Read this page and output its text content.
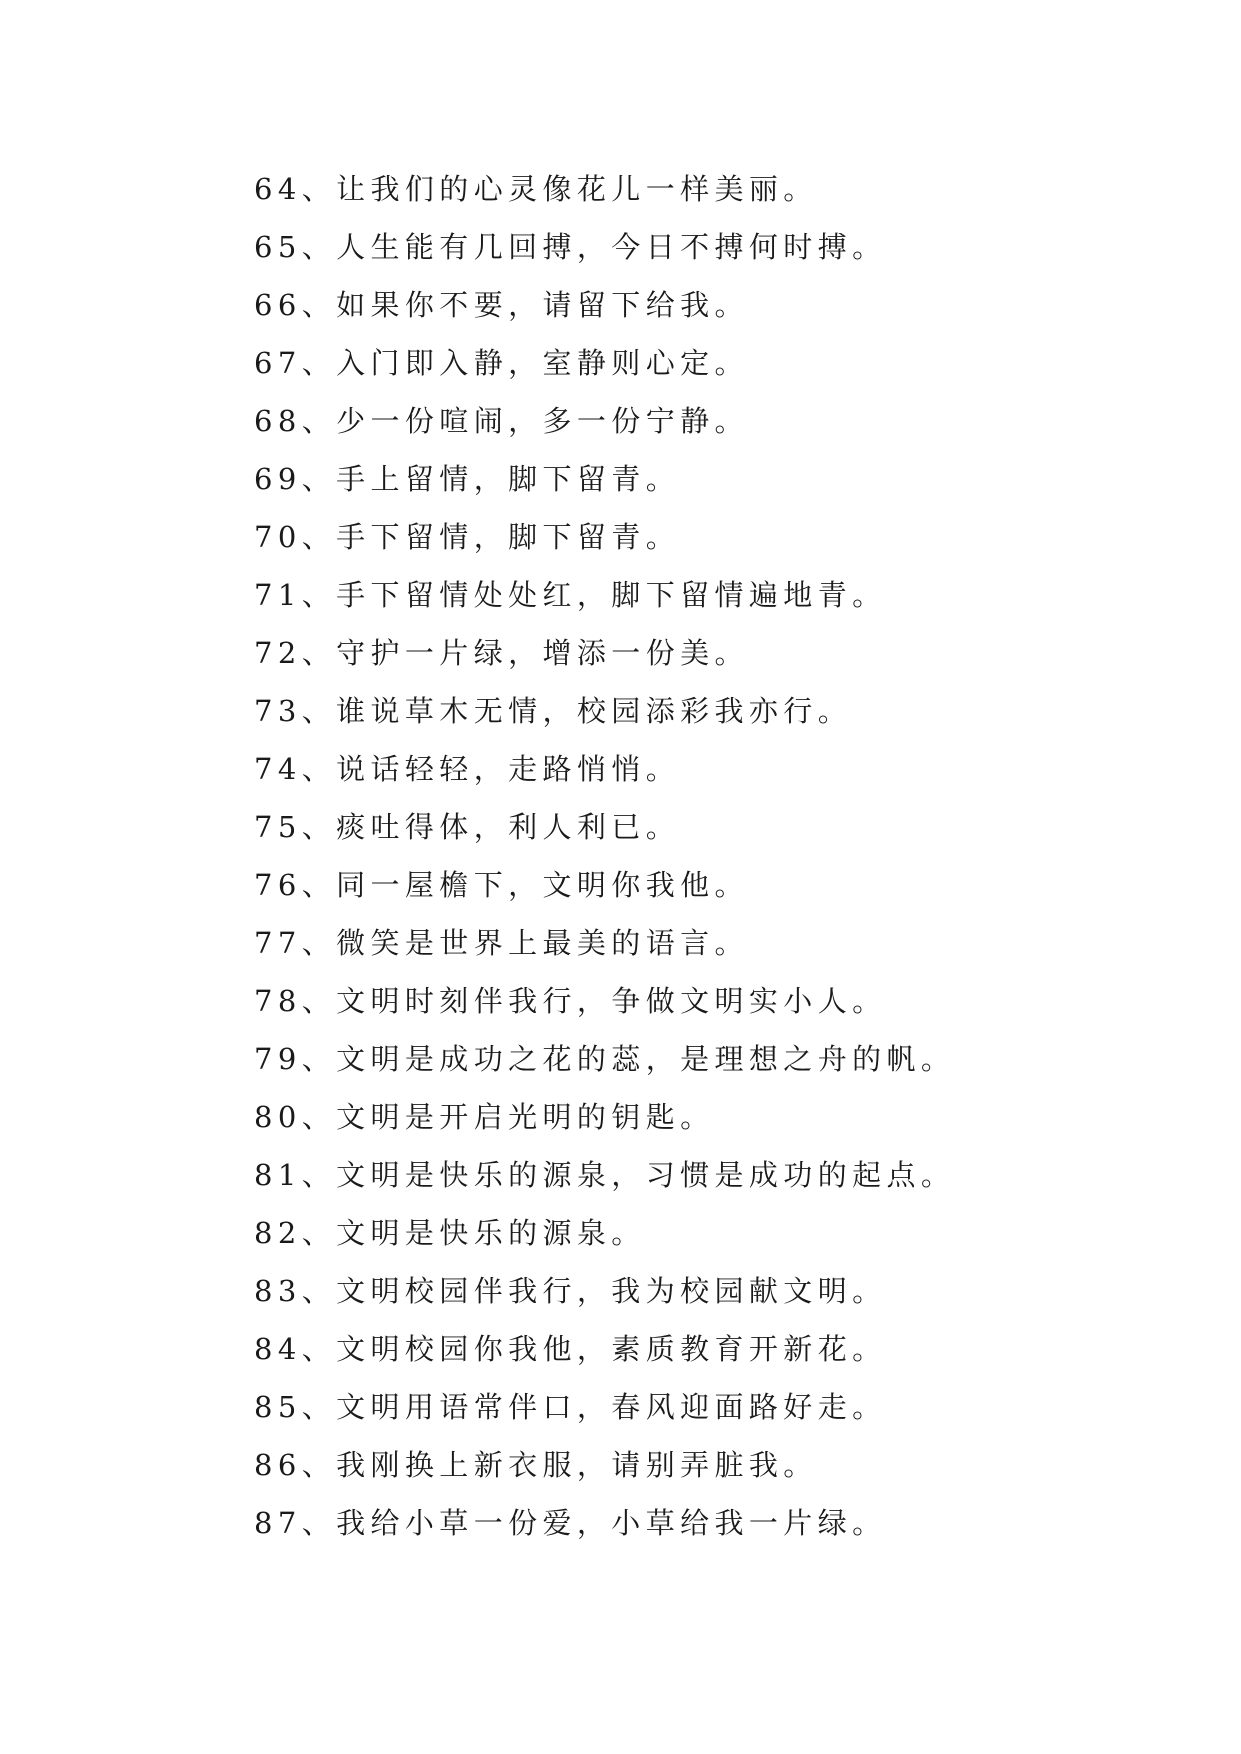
64、让我们的心灵像花儿一样美丽。
65、人生能有几回搏，今日不搏何时搏。
66、如果你不要，请留下给我。
67、入门即入静，室静则心定。
68、少一份喧闹，多一份宁静。
69、手上留情，脚下留青。
70、手下留情，脚下留青。
71、手下留情处处红，脚下留情遍地青。
72、守护一片绿，增添一份美。
73、谁说草木无情，校园添彩我亦行。
74、说话轻轻，走路悄悄。
75、痰吐得体，利人利已。
76、同一屋檐下，文明你我他。
77、微笑是世界上最美的语言。
78、文明时刻伴我行，争做文明实小人。
79、文明是成功之花的蕊，是理想之舟的帆。
80、文明是开启光明的钥匙。
81、文明是快乐的源泉，习惯是成功的起点。
82、文明是快乐的源泉。
83、文明校园伴我行，我为校园献文明。
84、文明校园你我他，素质教育开新花。
85、文明用语常伴口，春风迎面路好走。
86、我刚换上新衣服，请别弄脏我。
87、我给小草一份爱，小草给我一片绿。
